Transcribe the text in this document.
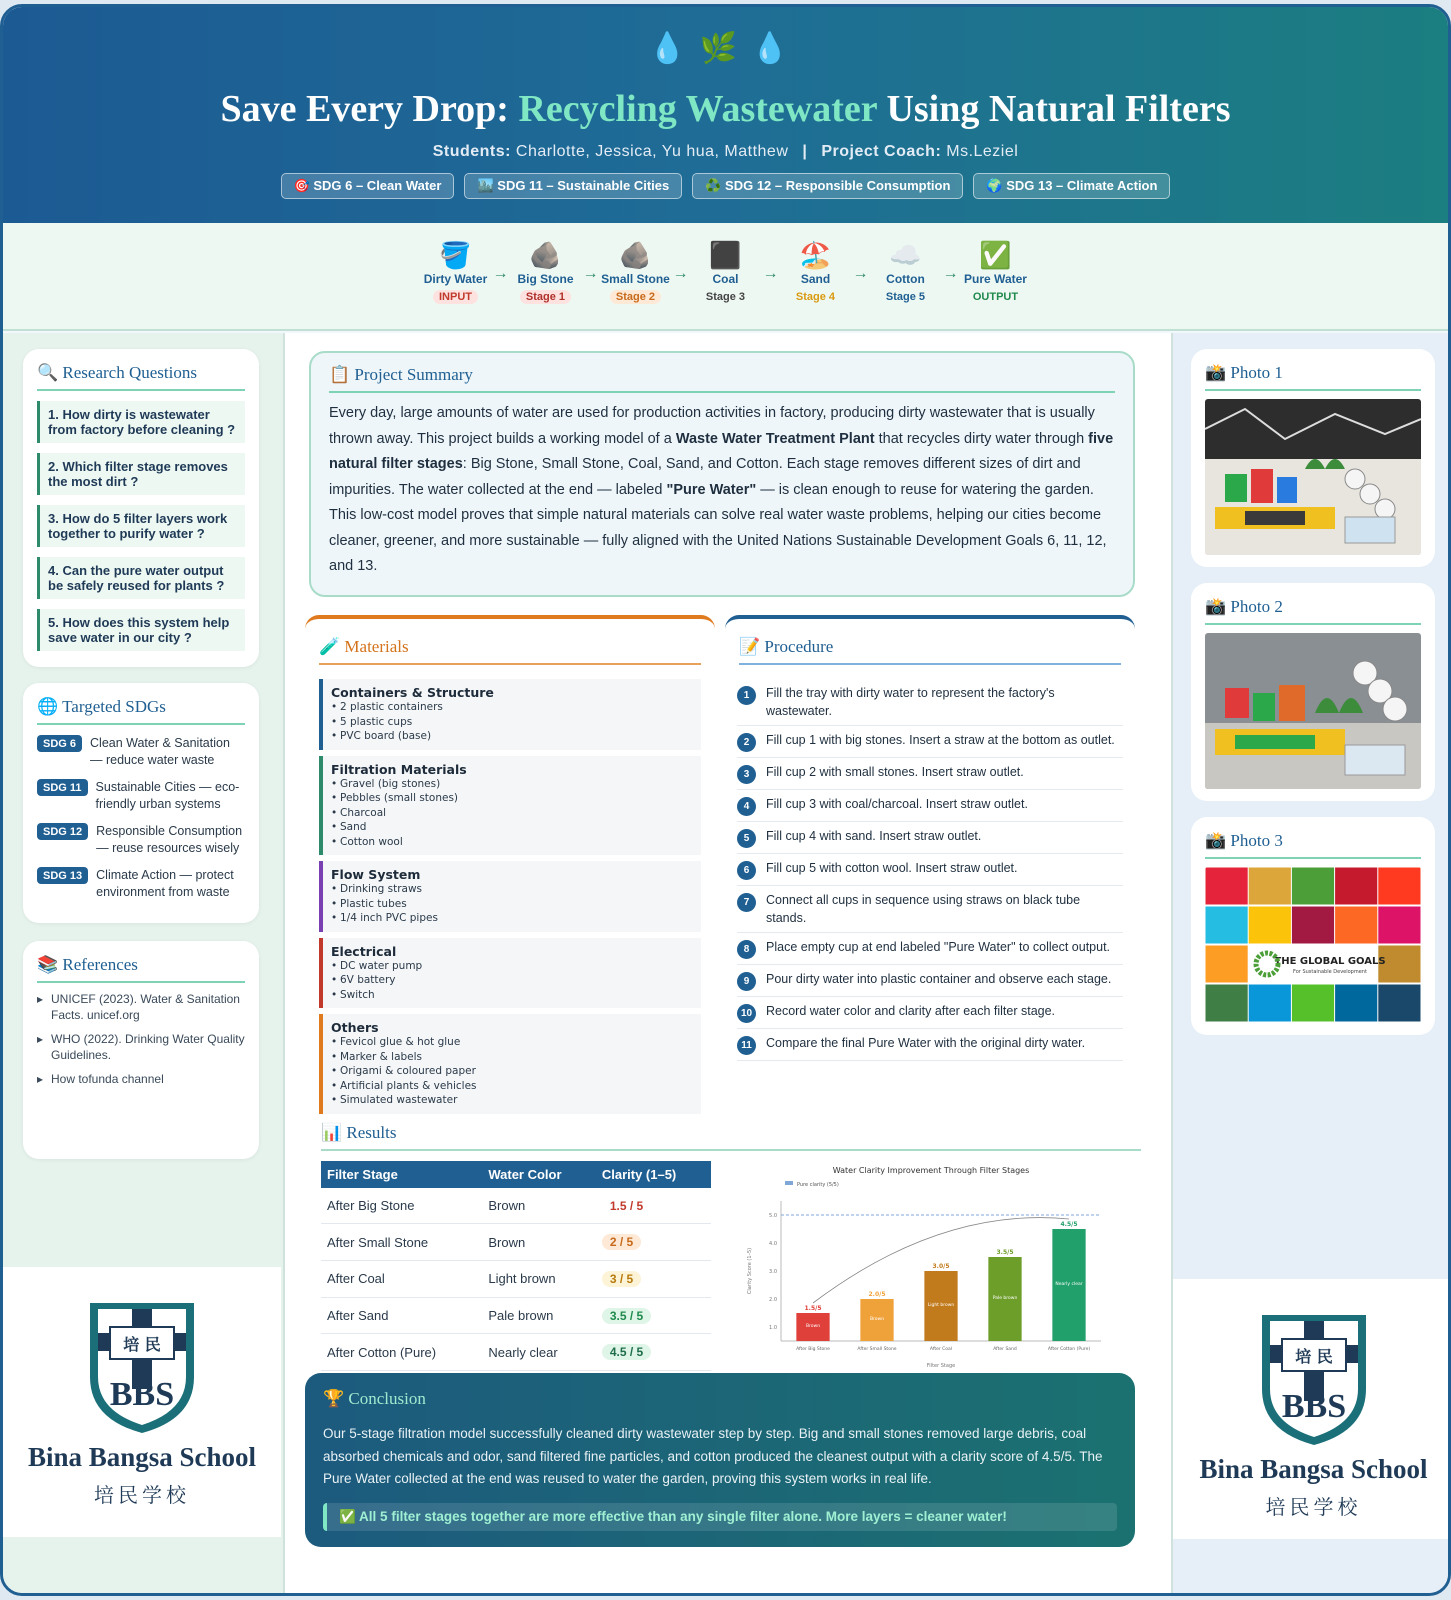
💧🌿💧
Save Every Drop: Recycling Wastewater Using Natural Filters
Students: Charlotte, Jessica, Yu hua, Matthew | Project Coach: Ms.Leziel
🎯 SDG 6 – Clean Water	🏙️ SDG 11 – Sustainable Cities	♻️ SDG 12 – Responsible Consumption	🌍 SDG 13 – Climate Action
🪣
Dirty Water
INPUT
→
🪨
Big Stone
Stage 1
→
🪨
Small Stone
Stage 2
→
⬛
Coal
Stage 3
→
🏖️
Sand
Stage 4
→
☁️
Cotton
Stage 5
→
✅
Pure Water
OUTPUT
🔍 Research Questions
1. How dirty is wastewater from factory before cleaning ?
2. Which filter stage removes the most dirt ?
3. How do 5 filter layers work together to purify water ?
4. Can the pure water output be safely reused for plants ?
5. How does this system help save water in our city ?
🌐 Targeted SDGs
SDG 6	Clean Water & Sanitation — reduce water waste
SDG 11	Sustainable Cities — eco-friendly urban systems
SDG 12	Responsible Consumption — reuse resources wisely
SDG 13	Climate Action — protect environment from waste
📚 References
▸ UNICEF (2023). Water & Sanitation Facts. unicef.org
▸ WHO (2022). Drinking Water Quality Guidelines.
▸ How tofunda channel
培 民
BBS
Bina Bangsa School
培民学校
📋 Project Summary

Every day, large amounts of water are used for production activities in factory, producing dirty wastewater that is usually thrown away. This project builds a working model of a Waste Water Treatment Plant that recycles dirty water through five natural filter stages: Big Stone, Small Stone, Coal, Sand, and Cotton. Each stage removes different sizes of dirt and impurities. The water collected at the end — labeled "Pure Water" — is clean enough to reuse for watering the garden. This low-cost model proves that simple natural materials can solve real water waste problems, helping our cities become cleaner, greener, and more sustainable — fully aligned with the United Nations Sustainable Development Goals 6, 11, 12, and 13.

🧪 Materials
Containers & Structure
• 2 plastic containers
• 5 plastic cups
• PVC board (base)
Filtration Materials
• Gravel (big stones)
• Pebbles (small stones)
• Charcoal
• Sand
• Cotton wool
Flow System
• Drinking straws
• Plastic tubes
• 1/4 inch PVC pipes
Electrical
• DC water pump
• 6V battery
• Switch
Others
• Fevicol glue & hot glue
• Marker & labels
• Origami & coloured paper
• Artificial plants & vehicles
• Simulated wastewater
📝 Procedure
1	Fill the tray with dirty water to represent the factory's wastewater.
2	Fill cup 1 with big stones. Insert a straw at the bottom as outlet.
3	Fill cup 2 with small stones. Insert straw outlet.
4	Fill cup 3 with coal/charcoal. Insert straw outlet.
5	Fill cup 4 with sand. Insert straw outlet.
6	Fill cup 5 with cotton wool. Insert straw outlet.
7	Connect all cups in sequence using straws on black tube stands.
8	Place empty cup at end labeled "Pure Water" to collect output.
9	Pour dirty water into plastic container and observe each stage.
10	Record water color and clarity after each filter stage.
11	Compare the final Pure Water with the original dirty water.
📊 Results
Filter Stage	Water Color	Clarity (1–5)
After Big Stone	Brown	1.5 / 5
After Small Stone	Brown	2 / 5
After Coal	Light brown	3 / 5
After Sand	Pale brown	3.5 / 5
After Cotton (Pure)	Nearly clear	4.5 / 5
Water Clarity Improvement Through Filter Stages
Pure clarity (5/5)
1.0
2.0
3.0
4.0
5.0
Clarity Score (1–5)
1.5/5
Brown
After Big Stone
2.0/5
Brown
After Small Stone
3.0/5
Light brown
After Coal
3.5/5
Pale brown
After Sand
4.5/5
Nearly clear
After Cotton (Pure)
Filter Stage
🏆 Conclusion

Our 5-stage filtration model successfully cleaned dirty wastewater step by step. Big and small stones removed large debris, coal absorbed chemicals and odor, sand filtered fine particles, and cotton produced the cleanest output with a clarity score of 4.5/5. The Pure Water collected at the end was reused to water the garden, proving this system works in real life.

✅ All 5 filter stages together are more effective than any single filter alone. More layers = cleaner water!
📸 Photo 1
📸 Photo 2
📸 Photo 3
THE GLOBAL GOALS
For Sustainable Development
培 民
BBS
Bina Bangsa School
培民学校
